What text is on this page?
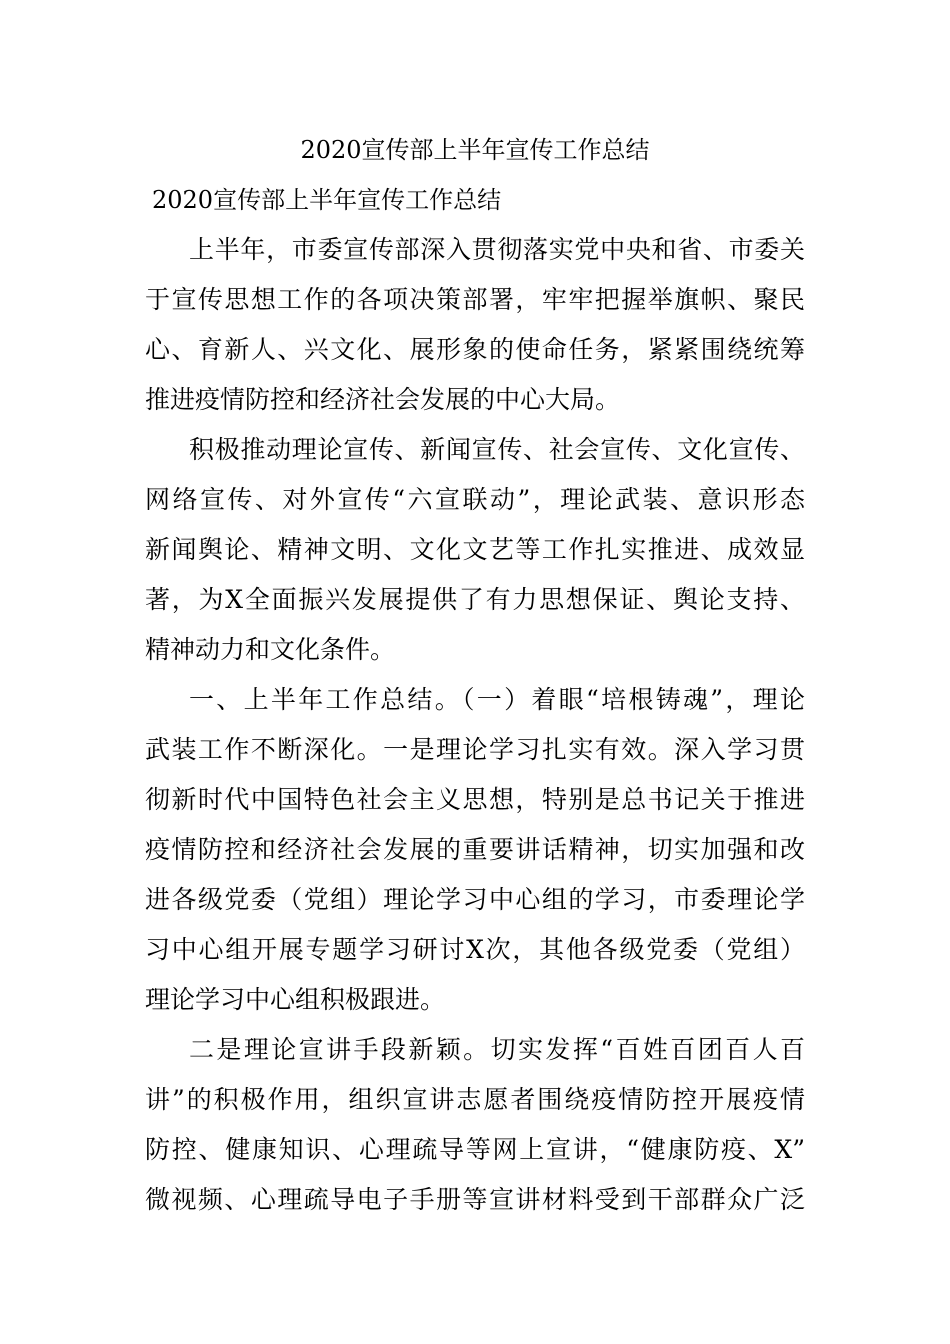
2020宣传部上半年宣传工作总结
2020宣传部上半年宣传工作总结
上半年，市委宣传部深入贯彻落实党中央和省、市委关
于宣传思想工作的各项决策部署，牢牢把握举旗帜、聚民
心、育新人、兴文化、展形象的使命任务，紧紧围绕统筹
推进疫情防控和经济社会发展的中心大局。
积极推动理论宣传、新闻宣传、社会宣传、文化宣传、
网络宣传、对外宣传“六宣联动”，理论武装、意识形态
新闻舆论、精神文明、文化文艺等工作扎实推进、成效显
著，为X全面振兴发展提供了有力思想保证、舆论支持、
精神动力和文化条件。
一、上半年工作总结。（一）着眼“培根铸魂”，理论
武装工作不断深化。一是理论学习扎实有效。深入学习贯
彻新时代中国特色社会主义思想，特别是总书记关于推进
疫情防控和经济社会发展的重要讲话精神，切实加强和改
进各级党委（党组）理论学习中心组的学习，市委理论学
习中心组开展专题学习研讨X次，其他各级党委（党组）
理论学习中心组积极跟进。
二是理论宣讲手段新颖。切实发挥“百姓百团百人百
讲”的积极作用，组织宣讲志愿者围绕疫情防控开展疫情
防控、健康知识、心理疏导等网上宣讲，“健康防疫、X”
微视频、心理疏导电子手册等宣讲材料受到干部群众广泛
